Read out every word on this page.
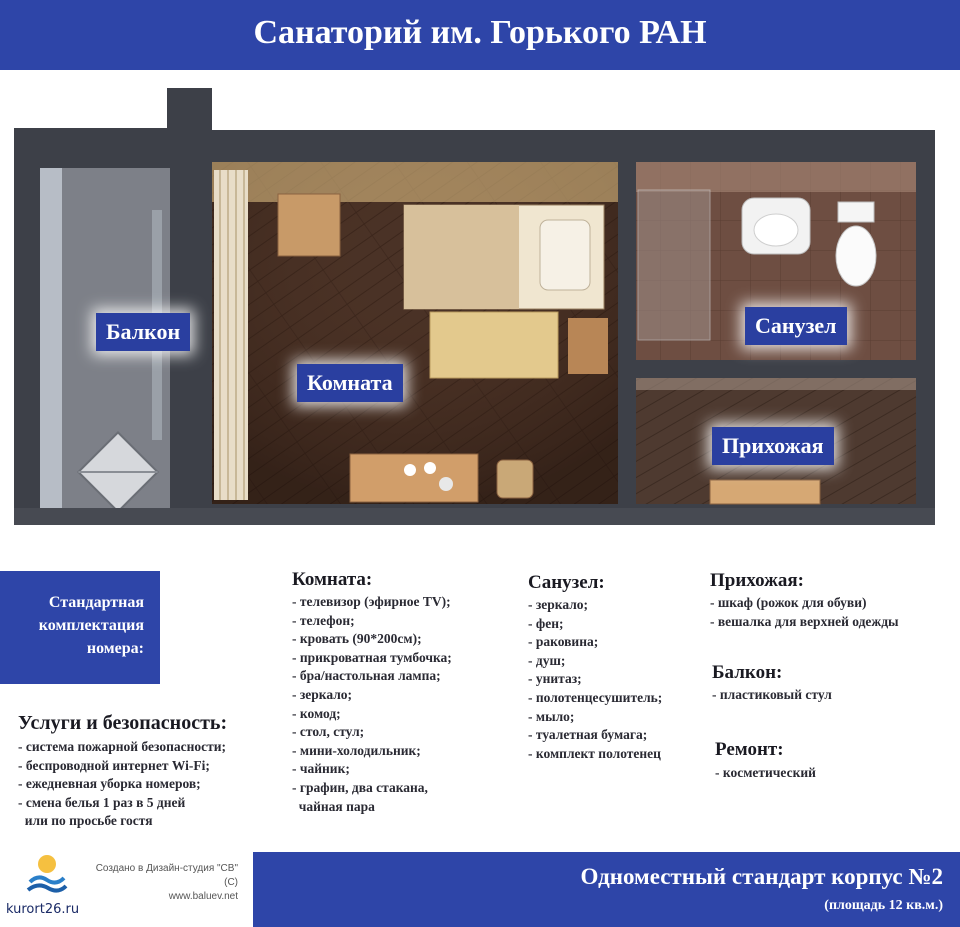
Санаторий им. Горького РАН
Балкон
Комната
Санузел
Прихожая
Стандартная
комплектация
номера:
Услуги и безопасность:
- система пожарной безопасности;
- беспроводной интернет Wi-Fi;
- ежедневная уборка номеров;
- смена белья 1 раз в 5 дней
или по просьбе гостя
Комната:
- телевизор (эфирное TV);
- телефон;
- кровать (90*200см);
- прикроватная тумбочка;
- бра/настольная лампа;
- зеркало;
- комод;
- стол, стул;
- мини-холодильник;
- чайник;
- графин, два стакана,
чайная пара
Санузел:
- зеркало;
- фен;
- раковина;
- душ;
- унитаз;
- полотенцесушитель;
- мыло;
- туалетная бумага;
- комплект полотенец
Прихожая:
- шкаф (рожок для обуви)
- вешалка для верхней одежды
Балкон:
- пластиковый стул
Ремонт:
- косметический
kurort26.ru
Создано в Дизайн-студия "СВ" (С)
www.baluev.net
Одноместный стандарт корпус №2
(площадь 12 кв.м.)
